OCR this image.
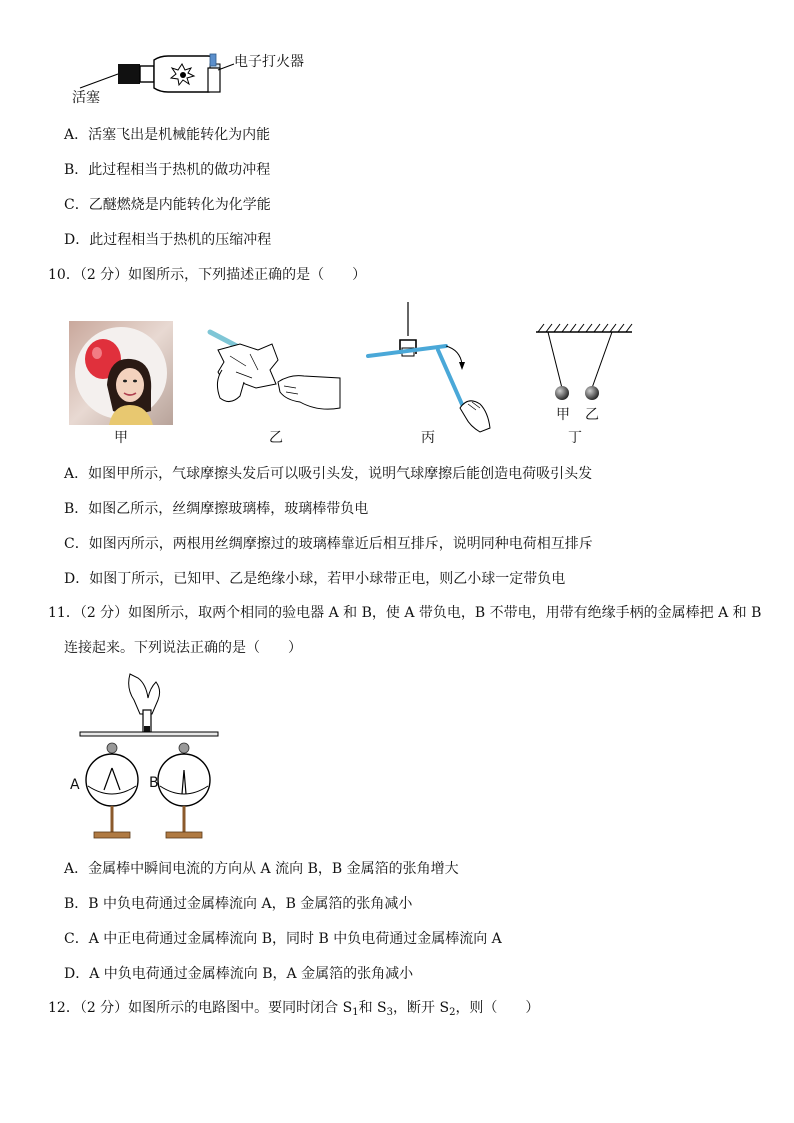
活塞
电子打火器
A．活塞飞出是机械能转化为内能
B．此过程相当于热机的做功冲程
C．乙醚燃烧是内能转化为化学能
D．此过程相当于热机的压缩冲程
10．（2 分）如图所示，下列描述正确的是（　　）
甲	乙	丙
甲 乙
丁
A．如图甲所示，气球摩擦头发后可以吸引头发，说明气球摩擦后能创造电荷吸引头发
B．如图乙所示，丝绸摩擦玻璃棒，玻璃棒带负电
C．如图丙所示，两根用丝绸摩擦过的玻璃棒靠近后相互排斥，说明同种电荷相互排斥
D．如图丁所示，已知甲、乙是绝缘小球，若甲小球带正电，则乙小球一定带负电
11．（2 分）如图所示，取两个相同的验电器 A 和 B，使 A 带负电，B 不带电，用带有绝缘手柄的金属棒把 A 和 B
连接起来。下列说法正确的是（　　）
A	B
A．金属棒中瞬间电流的方向从 A 流向 B，B 金属箔的张角增大
B．B 中负电荷通过金属棒流向 A，B 金属箔的张角减小
C．A 中正电荷通过金属棒流向 B，同时 B 中负电荷通过金属棒流向 A
D．A 中负电荷通过金属棒流向 B，A 金属箔的张角减小
12．（2 分）如图所示的电路图中。要同时闭合 $S_1$和 $S_3$，断开 $S_2$，则（　　）
